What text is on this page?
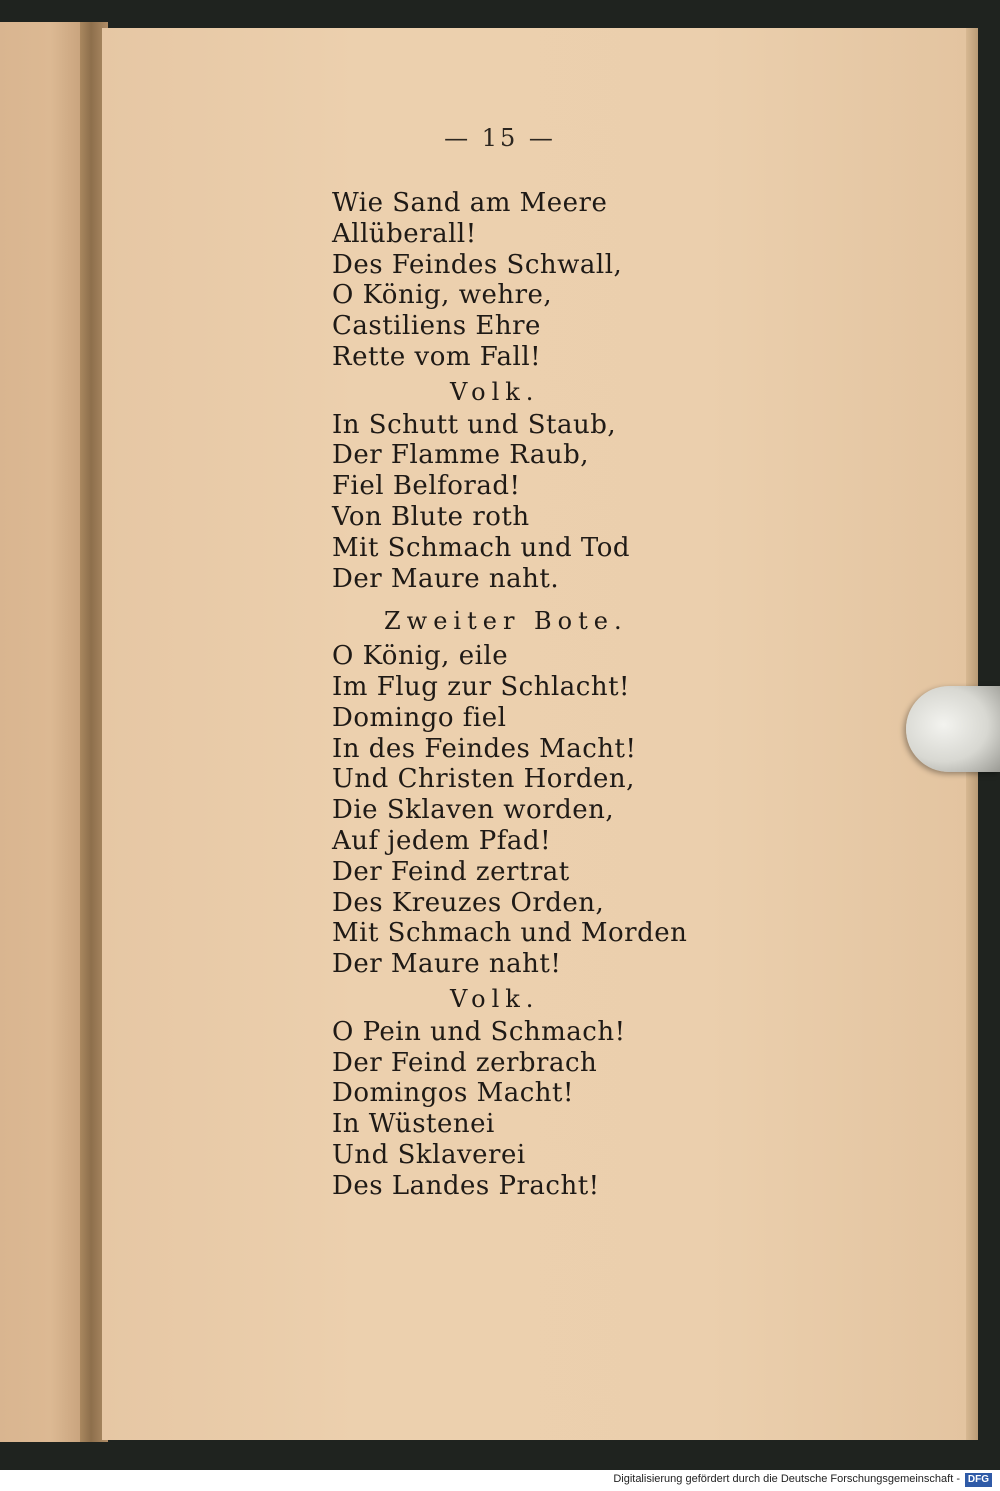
— 15 —
Wie Sand am Meere
Allüberall!
Des Feindes Schwall,
O König, wehre,
Castiliens Ehre
Rette vom Fall!
Volk.
In Schutt und Staub,
Der Flamme Raub,
Fiel Belforad!
Von Blute roth
Mit Schmach und Tod
Der Maure naht.
Zweiter Bote.
O König, eile
Im Flug zur Schlacht!
Domingo fiel
In des Feindes Macht!
Und Christen Horden,
Die Sklaven worden,
Auf jedem Pfad!
Der Feind zertrat
Des Kreuzes Orden,
Mit Schmach und Morden
Der Maure naht!
Volk.
O Pein und Schmach!
Der Feind zerbrach
Domingos Macht!
In Wüstenei
Und Sklaverei
Des Landes Pracht!
Digitalisierung gefördert durch die Deutsche Forschungsgemeinschaft - DFG
